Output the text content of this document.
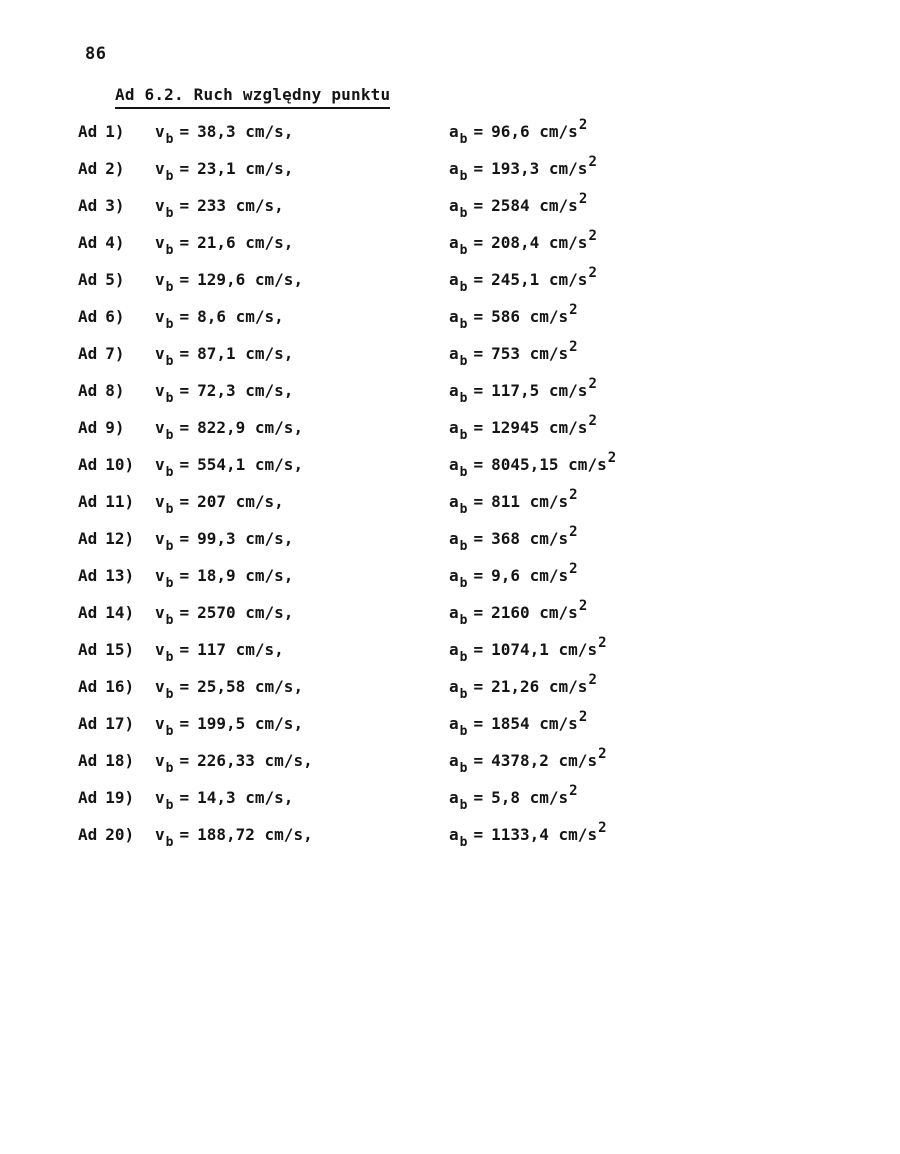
86
Ad 6.2. Ruch względny punktu
Ad 1)	$v_b = 38,3$ cm/s,	$a_b = 96,6$ cm/s2
Ad 2)	$v_b = 23,1$ cm/s,	$a_b = 193,3$ cm/s2
Ad 3)	$v_b = 233$ cm/s,	$a_b = 2584$ cm/s2
Ad 4)	$v_b = 21,6$ cm/s,	$a_b = 208,4$ cm/s2
Ad 5)	$v_b = 129,6$ cm/s,	$a_b = 245,1$ cm/s2
Ad 6)	$v_b = 8,6$ cm/s,	$a_b = 586$ cm/s2
Ad 7)	$v_b = 87,1$ cm/s,	$a_b = 753$ cm/s2
Ad 8)	$v_b = 72,3$ cm/s,	$a_b = 117,5$ cm/s2
Ad 9)	$v_b = 822,9$ cm/s,	$a_b = 12945$ cm/s2
Ad 10)	$v_b = 554,1$ cm/s,	$a_b = 8045,15$ cm/s2
Ad 11)	$v_b = 207$ cm/s,	$a_b = 811$ cm/s2
Ad 12)	$v_b = 99,3$ cm/s,	$a_b = 368$ cm/s2
Ad 13)	$v_b = 18,9$ cm/s,	$a_b = 9,6$ cm/s2
Ad 14)	$v_b = 2570$ cm/s,	$a_b = 2160$ cm/s2
Ad 15)	$v_b = 117$ cm/s,	$a_b = 1074,1$ cm/s2
Ad 16)	$v_b = 25,58$ cm/s,	$a_b = 21,26$ cm/s2
Ad 17)	$v_b = 199,5$ cm/s,	$a_b = 1854$ cm/s2
Ad 18)	$v_b = 226,33$ cm/s,	$a_b = 4378,2$ cm/s2
Ad 19)	$v_b = 14,3$ cm/s,	$a_b = 5,8$ cm/s2
Ad 20)	$v_b = 188,72$ cm/s,	$a_b = 1133,4$ cm/s2
